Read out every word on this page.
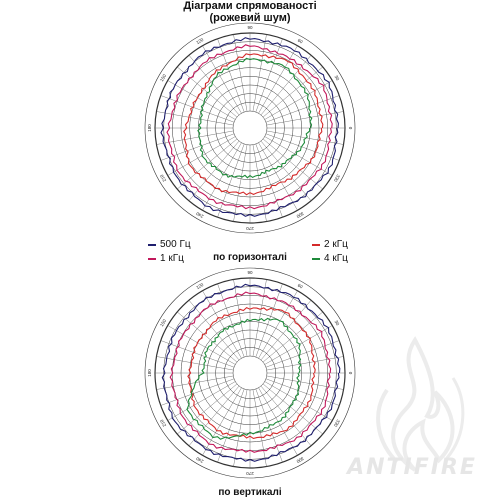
Діаграми спрямованості
(рожевий шум)
0
30
60
90
120
150
180
210
240
270
300
330
0
30
60
90
120
150
180
210
240
270
300
330
500 Гц
1 кГц
2 кГц
4 кГц
по горизонталі
по вертикалі
ANTIFIRE
